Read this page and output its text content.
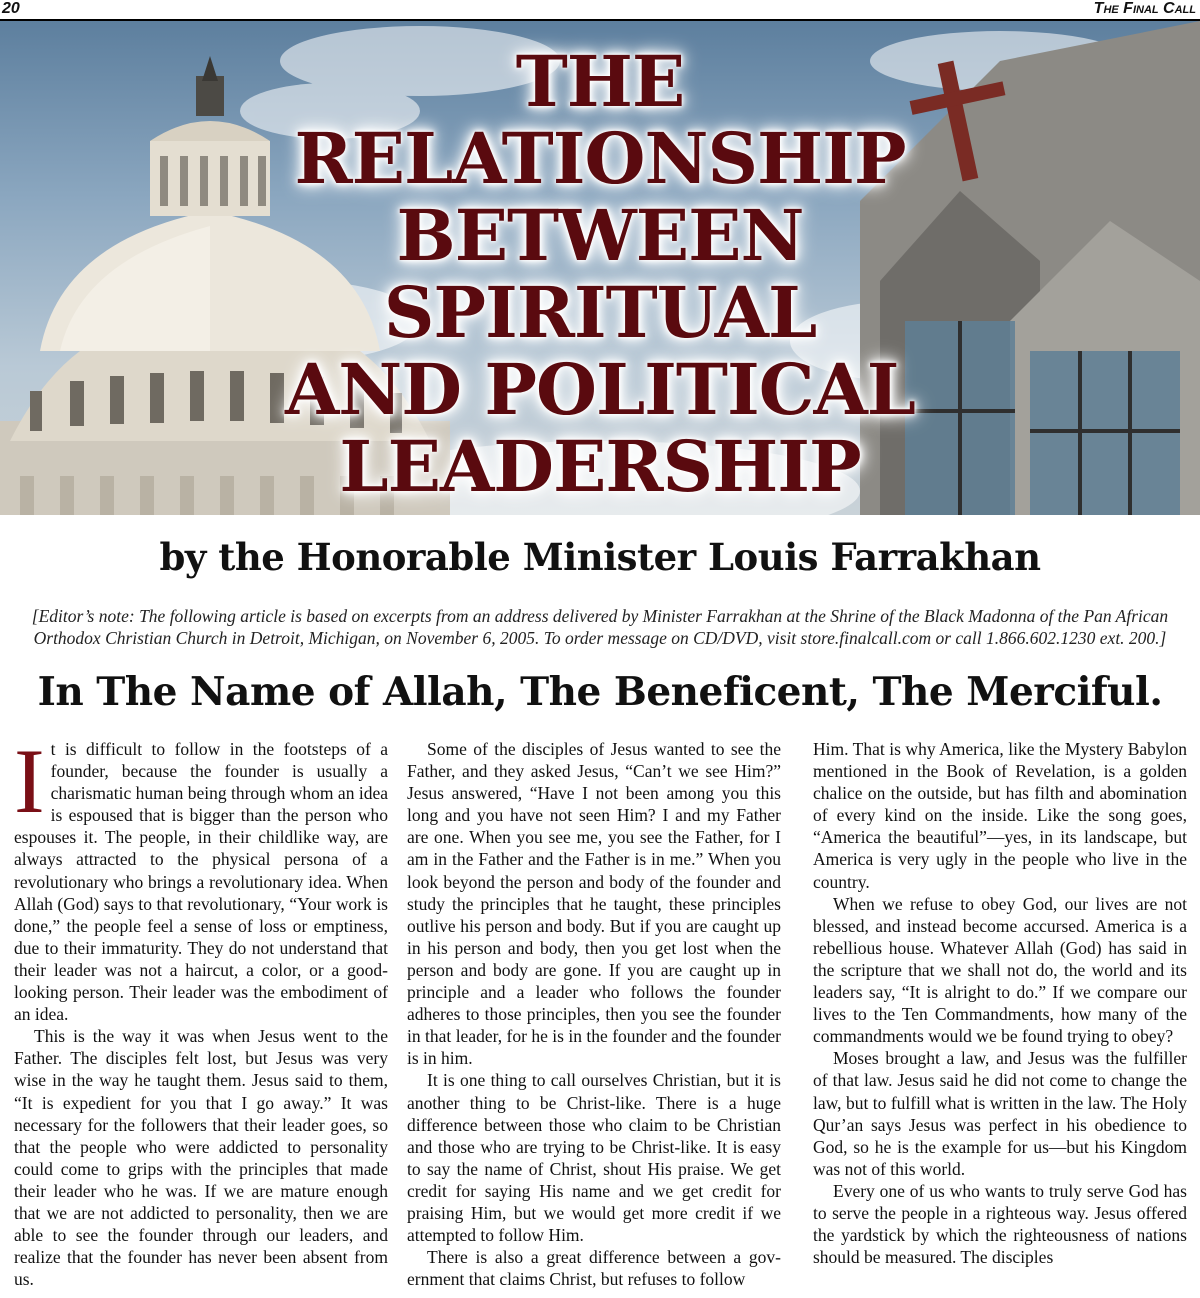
20	The Final Call
THE
RELATIONSHIP
BETWEEN
SPIRITUAL
AND POLITICAL
LEADERSHIP
by the Honorable Minister Louis Farrakhan
[Editor’s note: The following article is based on excerpts from an address delivered by Minister Farrakhan at the Shrine of the Black Madonna of the Pan African Orthodox Christian Church in Detroit, Michigan, on November 6, 2005. To order message on CD/DVD, visit store.finalcall.com or call 1.866.602.1230 ext. 200.]
In The Name of Allah, The Beneficent, The Merciful.

It is difficult to follow in the footsteps of a founder, because the founder is usually a charismatic human being through whom an idea is espoused that is bigger than the person who espouses it. The people, in their childlike way, are always attracted to the physical persona of a revolutionary who brings a revolutionary idea. When Allah (God) says to that revolutionary, “Your work is done,” the people feel a sense of loss or emptiness, due to their immaturity. They do not understand that their leader was not a haircut, a color, or a good-looking person. Their leader was the embodiment of an idea.

This is the way it was when Jesus went to the Father. The disciples felt lost, but Jesus was very wise in the way he taught them. Jesus said to them, “It is expedient for you that I go away.” It was necessary for the followers that their leader goes, so that the people who were addicted to personality could come to grips with the principles that made their leader who he was. If we are mature enough that we are not addicted to personality, then we are able to see the founder through our leaders, and realize that the founder has never been absent from us.

Some of the disciples of Jesus wanted to see the Father, and they asked Jesus, “Can’t we see Him?” Jesus answered, “Have I not been among you this long and you have not seen Him? I and my Father are one. When you see me, you see the Father, for I am in the Father and the Father is in me.” When you look beyond the person and body of the founder and study the principles that he taught, these principles outlive his person and body. But if you are caught up in his person and body, then you get lost when the person and body are gone. If you are caught up in principle and a leader who follows the founder adheres to those principles, then you see the founder in that leader, for he is in the founder and the founder is in him.

It is one thing to call ourselves Christian, but it is another thing to be Christ-like. There is a huge difference between those who claim to be Christian and those who are trying to be Christ-like. It is easy to say the name of Christ, shout His praise. We get credit for saying His name and we get credit for praising Him, but we would get more credit if we attempted to follow Him.

There is also a great difference between a government that claims Christ, but refuses to follow

Him. That is why America, like the Mystery Babylon mentioned in the Book of Revelation, is a golden chalice on the outside, but has filth and abomination of every kind on the inside. Like the song goes, “America the beautiful”—yes, in its landscape, but America is very ugly in the people who live in the country.

When we refuse to obey God, our lives are not blessed, and instead become accursed. America is a rebellious house. Whatever Allah (God) has said in the scripture that we shall not do, the world and its leaders say, “It is alright to do.” If we compare our lives to the Ten Commandments, how many of the commandments would we be found trying to obey?

Moses brought a law, and Jesus was the fulfiller of that law. Jesus said he did not come to change the law, but to fulfill what is written in the law. The Holy Qur’an says Jesus was perfect in his obedience to God, so he is the example for us—but his Kingdom was not of this world.

Every one of us who wants to truly serve God has to serve the people in a righteous way. Jesus offered the yardstick by which the righteousness of nations should be measured. The disciples
